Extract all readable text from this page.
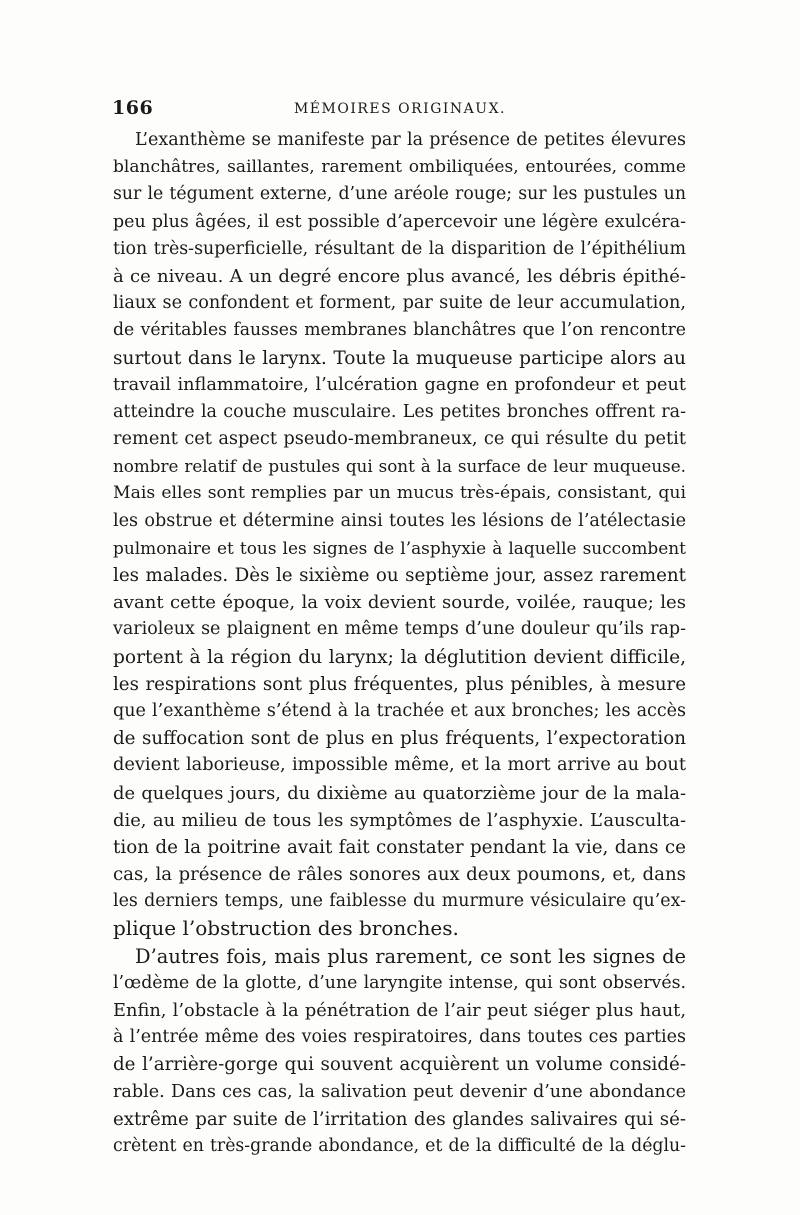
166	MÉMOIRES ORIGINAUX.
L’exanthème se manifeste par la présence de petites élevures
blanchâtres, saillantes, rarement ombiliquées, entourées, comme
sur le tégument externe, d’une aréole rouge; sur les pustules un
peu plus âgées, il est possible d’apercevoir une légère exulcéra-
tion très-superficielle, résultant de la disparition de l’épithélium
à ce niveau. A un degré encore plus avancé, les débris épithé-
liaux se confondent et forment, par suite de leur accumulation,
de véritables fausses membranes blanchâtres que l’on rencontre
surtout dans le larynx. Toute la muqueuse participe alors au
travail inflammatoire, l’ulcération gagne en profondeur et peut
atteindre la couche musculaire. Les petites bronches offrent ra-
rement cet aspect pseudo-membraneux, ce qui résulte du petit
nombre relatif de pustules qui sont à la surface de leur muqueuse.
Mais elles sont remplies par un mucus très-épais, consistant, qui
les obstrue et détermine ainsi toutes les lésions de l’atélectasie
pulmonaire et tous les signes de l’asphyxie à laquelle succombent
les malades. Dès le sixième ou septième jour, assez rarement
avant cette époque, la voix devient sourde, voilée, rauque; les
varioleux se plaignent en même temps d’une douleur qu’ils rap-
portent à la région du larynx; la déglutition devient difficile,
les respirations sont plus fréquentes, plus pénibles, à mesure
que l’exanthème s’étend à la trachée et aux bronches; les accès
de suffocation sont de plus en plus fréquents, l’expectoration
devient laborieuse, impossible même, et la mort arrive au bout
de quelques jours, du dixième au quatorzième jour de la mala-
die, au milieu de tous les symptômes de l’asphyxie. L’ausculta-
tion de la poitrine avait fait constater pendant la vie, dans ce
cas, la présence de râles sonores aux deux poumons, et, dans
les derniers temps, une faiblesse du murmure vésiculaire qu’ex-
plique l’obstruction des bronches.
D’autres fois, mais plus rarement, ce sont les signes de
l’œdème de la glotte, d’une laryngite intense, qui sont observés.
Enfin, l’obstacle à la pénétration de l’air peut siéger plus haut,
à l’entrée même des voies respiratoires, dans toutes ces parties
de l’arrière-gorge qui souvent acquièrent un volume considé-
rable. Dans ces cas, la salivation peut devenir d’une abondance
extrême par suite de l’irritation des glandes salivaires qui sé-
crètent en très-grande abondance, et de la difficulté de la déglu-
